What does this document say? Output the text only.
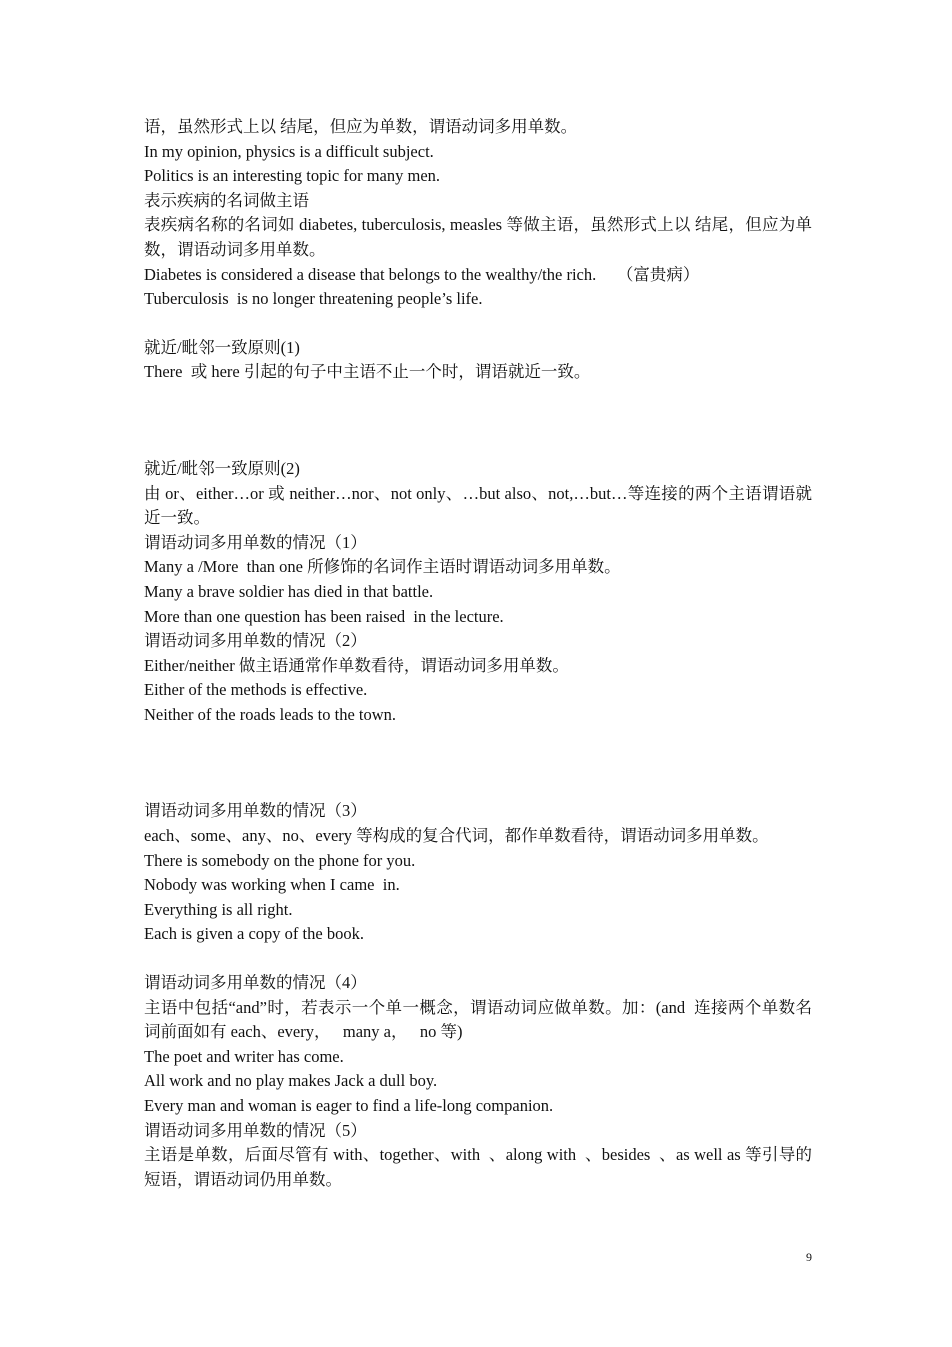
语，虽然形式上以 结尾，但应为单数，谓语动词多用单数。

In my opinion, physics is a difficult subject.

Politics is an interesting topic for many men.

表示疾病的名词做主语

表疾病名称的名词如 diabetes, tuberculosis, measles 等做主语，虽然形式上以 结尾，但应为单数，谓语动词多用单数。

Diabetes is considered a disease that belongs to the wealthy/the rich.     （富贵病）

Tuberculosis  is no longer threatening people’s life.

就近/毗邻一致原则(1)

There  或 here 引起的句子中主语不止一个时，谓语就近一致。

就近/毗邻一致原则(2)

由 or、either…or 或 neither…nor、not only、…but also、not,…but…等连接的两个主语谓语就近一致。

谓语动词多用单数的情况（1）

Many a /More  than one 所修饰的名词作主语时谓语动词多用单数。

Many a brave soldier has died in that battle.

More than one question has been raised  in the lecture.

谓语动词多用单数的情况（2）

Either/neither 做主语通常作单数看待，谓语动词多用单数。

Either of the methods is effective.

Neither of the roads leads to the town.

谓语动词多用单数的情况（3）

each、some、any、no、every 等构成的复合代词，都作单数看待，谓语动词多用单数。

There is somebody on the phone for you.

Nobody was working when I came  in.

Everything is all right.

Each is given a copy of the book.

谓语动词多用单数的情况（4）

主语中包括“and”时，若表示一个单一概念，谓语动词应做单数。加：(and  连接两个单数名词前面如有 each、every，   many a，   no 等)

The poet and writer has come.

All work and no play makes Jack a dull boy.

Every man and woman is eager to find a life-long companion.

谓语动词多用单数的情况（5）

主语是单数，后面尽管有 with、together、with  、along with  、besides  、as well as 等引导的短语，谓语动词仍用单数。

9
